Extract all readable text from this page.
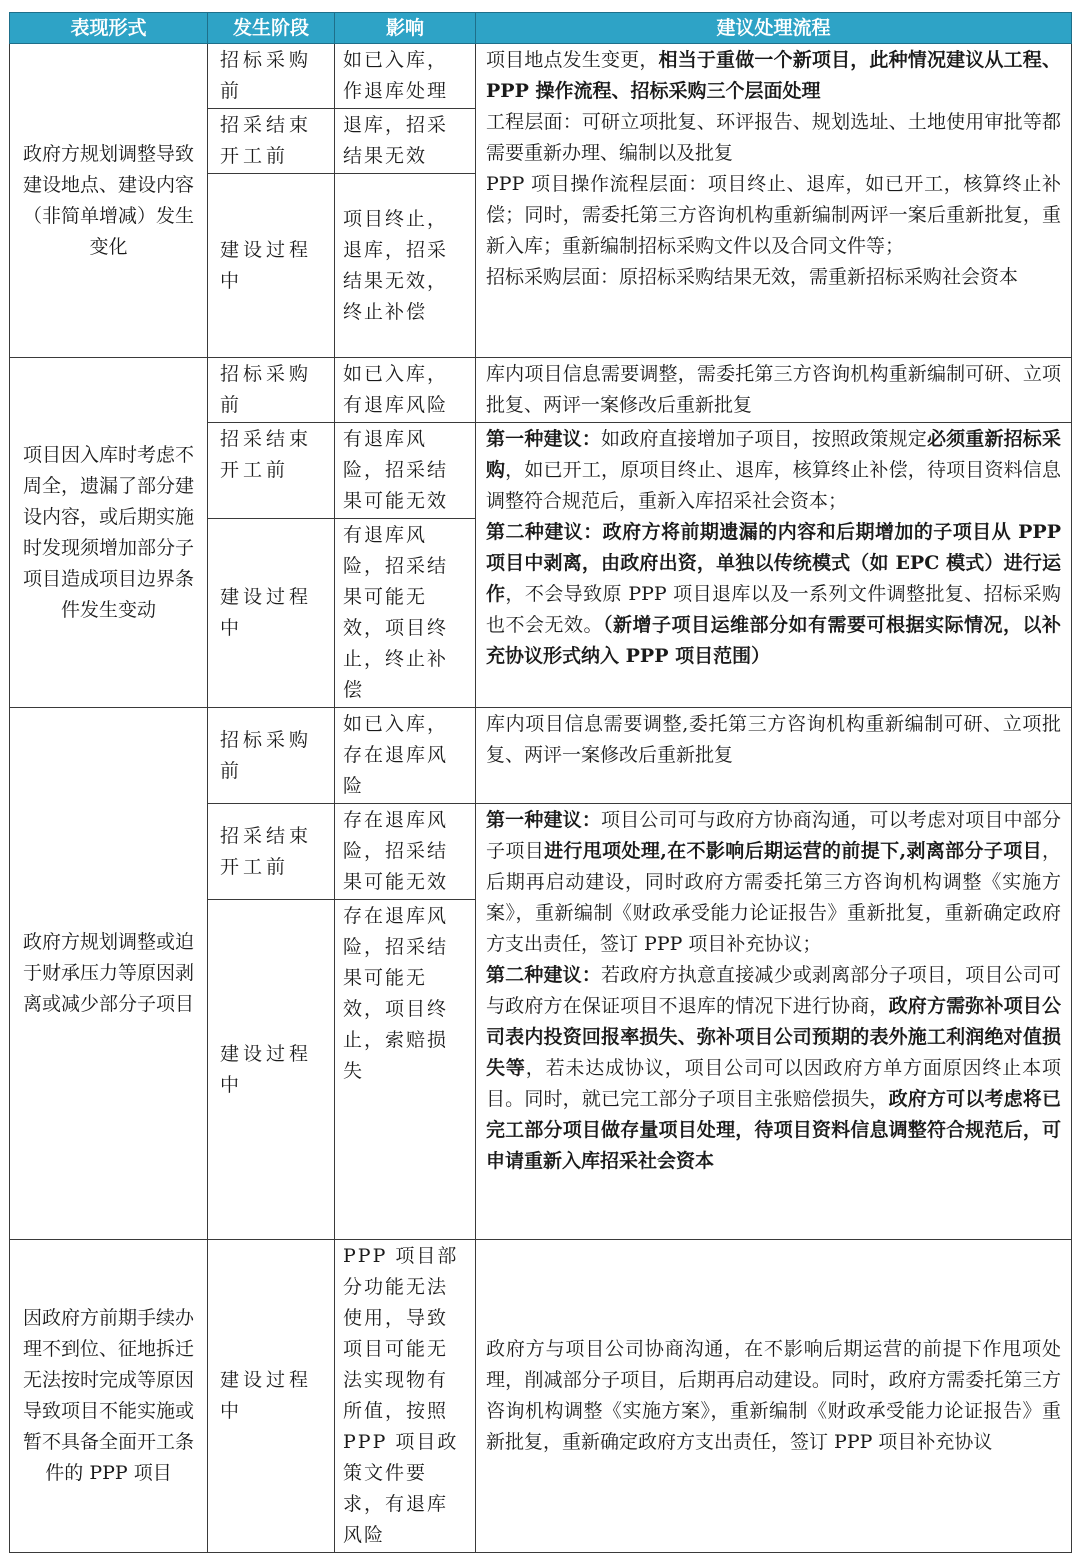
表现形式	发生阶段	影响	建议处理流程
政府方规划调整导致建设地点、建设内容（非简单增减）发生变化	招标采购前	如已入库，作退库处理	项目地点发生变更，相当于重做一个新项目，此种情况建议从工程、PPP 操作流程、招标采购三个层面处理

工程层面：可研立项批复、环评报告、规划选址、土地使用审批等都需要重新办理、编制以及批复

PPP 项目操作流程层面：项目终止、退库，如已开工，核算终止补偿；同时，需委托第三方咨询机构重新编制两评一案后重新批复，重新入库；重新编制招标采购文件以及合同文件等；

招标采购层面：原招标采购结果无效，需重新招标采购社会资本

	招采结束开工前	退库，招采结果无效	
	建设过程中	项目终止，退库，招采结果无效，终止补偿	
项目因入库时考虑不周全，遗漏了部分建设内容，或后期实施时发现须增加部分子项目造成项目边界条件发生变动	招标采购前	如已入库，有退库风险	库内项目信息需要调整，需委托第三方咨询机构重新编制可研、立项批复、两评一案修改后重新批复
	招采结束开工前	有退库风险，招采结果可能无效	第一种建议：如政府直接增加子项目，按照政策规定必须重新招标采购，如已开工，原项目终止、退库，核算终止补偿，待项目资料信息调整符合规范后，重新入库招采社会资本；

第二种建议：政府方将前期遗漏的内容和后期增加的子项目从 PPP 项目中剥离，由政府出资，单独以传统模式（如 EPC 模式）进行运作，不会导致原 PPP 项目退库以及一系列文件调整批复、招标采购也不会无效。（新增子项目运维部分如有需要可根据实际情况，以补充协议形式纳入 PPP 项目范围）

	建设过程中	有退库风险，招采结果可能无效，项目终止，终止补偿	
政府方规划调整或迫于财承压力等原因剥离或减少部分子项目	招标采购前	如已入库，存在退库风险	库内项目信息需要调整,委托第三方咨询机构重新编制可研、立项批复、两评一案修改后重新批复
	招采结束开工前	存在退库风险，招采结果可能无效	第一种建议：项目公司可与政府方协商沟通，可以考虑对项目中部分子项目进行甩项处理,在不影响后期运营的前提下,剥离部分子项目，后期再启动建设，同时政府方需委托第三方咨询机构调整《实施方案》，重新编制《财政承受能力论证报告》重新批复，重新确定政府方支出责任，签订 PPP 项目补充协议；

第二种建议：若政府方执意直接减少或剥离部分子项目，项目公司可与政府方在保证项目不退库的情况下进行协商，政府方需弥补项目公司表内投资回报率损失、弥补项目公司预期的表外施工利润绝对值损失等，若未达成协议，项目公司可以因政府方单方面原因终止本项目。同时，就已完工部分子项目主张赔偿损失，政府方可以考虑将已完工部分项目做存量项目处理，待项目资料信息调整符合规范后，可申请重新入库招采社会资本

	建设过程中	存在退库风险，招采结果可能无效，项目终止，索赔损失	
因政府方前期手续办理不到位、征地拆迁无法按时完成等原因导致项目不能实施或暂不具备全面开工条件的 PPP 项目	建设过程中	PPP 项目部分功能无法使用，导致项目可能无法实现物有所值，按照 PPP 项目政策文件要求，有退库风险	政府方与项目公司协商沟通，在不影响后期运营的前提下作甩项处理，削减部分子项目，后期再启动建设。同时，政府方需委托第三方咨询机构调整《实施方案》，重新编制《财政承受能力论证报告》重新批复，重新确定政府方支出责任，签订 PPP 项目补充协议
